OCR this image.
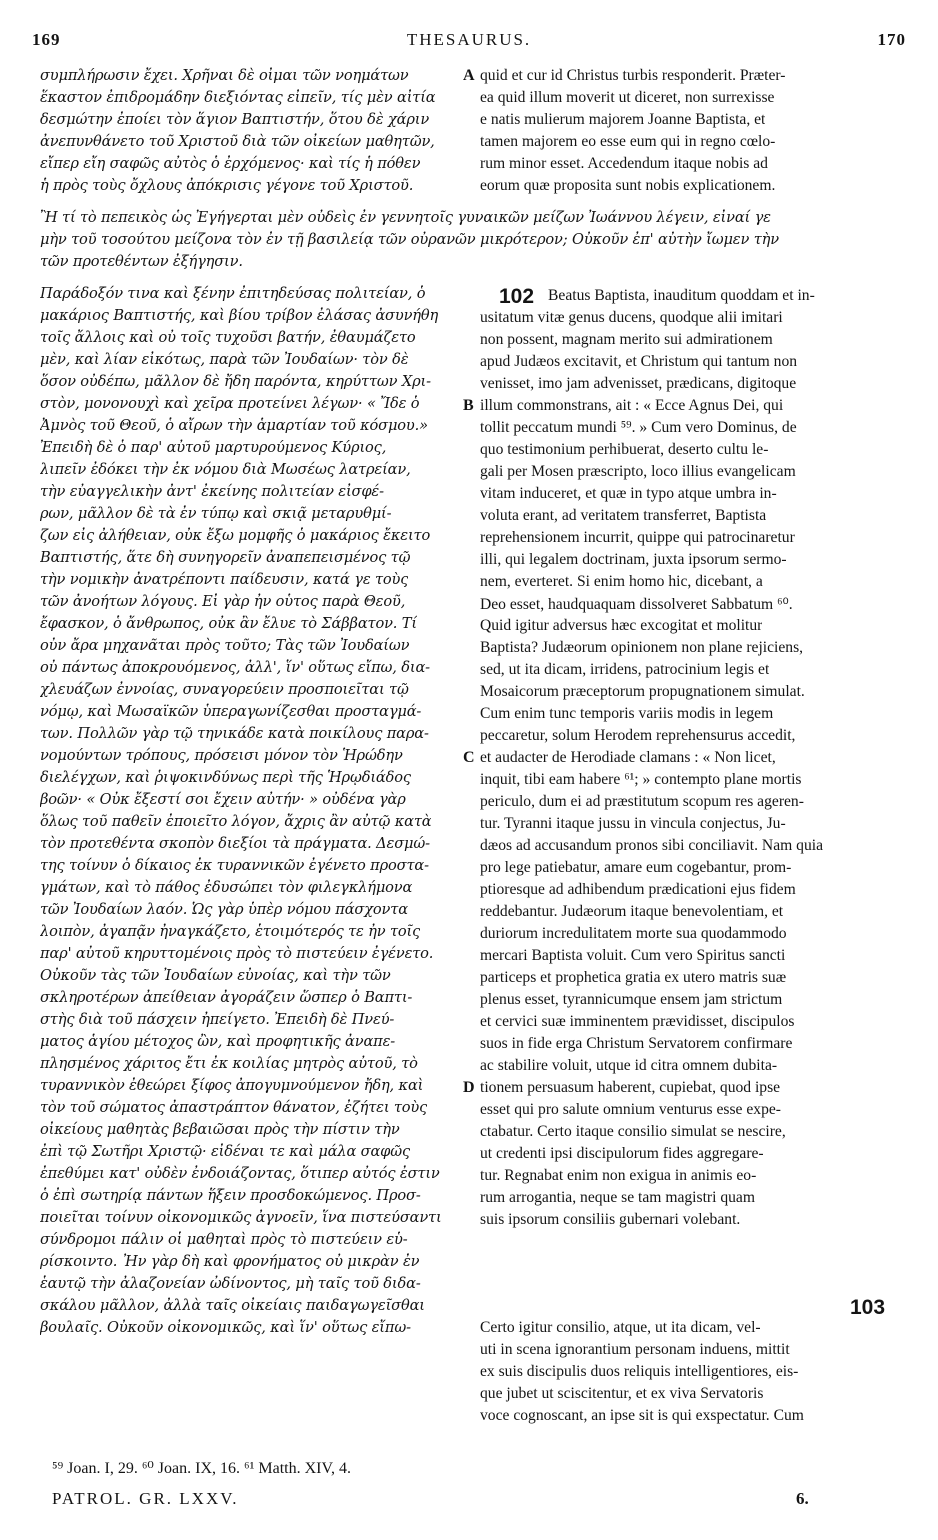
169	THESAURUS.	170
συμπλήρωσιν ἔχει. Χρῆναι δὲ οἶμαι τῶν νοημάτων
ἕκαστον ἐπιδρομάδην διεξιόντας εἰπεῖν, τίς μὲν αἰτία
δεσμώτην ἐποίει τὸν ἅγιον Βαπτιστήν, ὅτου δὲ χάριν
ἀνεπυνθάνετο τοῦ Χριστοῦ διὰ τῶν οἰκείων μαθητῶν,
εἴπερ εἴη σαφῶς αὐτὸς ὁ ἐρχόμενος· καὶ τίς ἡ πόθεν
ἡ πρὸς τοὺς ὄχλους ἀπόκρισις γέγονε τοῦ Χριστοῦ.
quid et cur id Christus turbis responderit. Præter-
ea quid illum moverit ut diceret, non surrexisse
e natis mulierum majorem Joanne Baptista, et
tamen majorem eo esse eum qui in regno cœlo-
rum minor esset. Accedendum itaque nobis ad
eorum quæ proposita sunt nobis explicationem.
Ἢ τί τὸ πεπεικὸς ὡς Ἐγήγερται μὲν οὐδεὶς ἐν γεννητοῖς γυναικῶν μείζων Ἰωάννου λέγειν, εἶναί γε
μὴν τοῦ τοσούτου μείζονα τὸν ἐν τῇ βασιλείᾳ τῶν οὐρανῶν μικρότερον; Οὐκοῦν ἐπ' αὐτὴν ἴωμεν τὴν
τῶν προτεθέντων ἐξήγησιν.
Παράδοξόν τινα καὶ ξένην ἐπιτηδεύσας πολιτείαν, ὁ
μακάριος Βαπτιστής, καὶ βίου τρίβον ἐλάσας ἀσυνήθη
τοῖς ἄλλοις καὶ οὐ τοῖς τυχοῦσι βατήν, ἐθαυμάζετο
μὲν, καὶ λίαν εἰκότως, παρὰ τῶν Ἰουδαίων· τὸν δὲ
ὅσον οὐδέπω, μᾶλλον δὲ ἤδη παρόντα, κηρύττων Χρι-
στὸν, μονονουχὶ καὶ χεῖρα προτείνει λέγων· « Ἴδε ὁ
Ἀμνὸς τοῦ Θεοῦ, ὁ αἴρων τὴν ἁμαρτίαν τοῦ κόσμου.»
Ἐπειδὴ δὲ ὁ παρ' αὐτοῦ μαρτυρούμενος Κύριος,
λιπεῖν ἐδόκει τὴν ἐκ νόμου διὰ Μωσέως λατρείαν,
τὴν εὐαγγελικὴν ἀντ' ἐκείνης πολιτείαν εἰσφέ-
ρων, μᾶλλον δὲ τὰ ἐν τύπῳ καὶ σκιᾷ μεταρυθμί-
ζων εἰς ἀλήθειαν, οὐκ ἔξω μομφῆς ὁ μακάριος ἔκειτο
Βαπτιστής, ἅτε δὴ συνηγορεῖν ἀναπεπεισμένος τῷ
τὴν νομικὴν ἀνατρέποντι παίδευσιν, κατά γε τοὺς
τῶν ἀνοήτων λόγους. Εἰ γὰρ ἦν οὗτος παρὰ Θεοῦ,
ἔφασκον, ὁ ἄνθρωπος, οὐκ ἂν ἔλυε τὸ Σάββατον. Τί
οὖν ἄρα μηχανᾶται πρὸς τοῦτο; Τὰς τῶν Ἰουδαίων
οὐ πάντως ἀποκρουόμενος, ἀλλ', ἵν' οὕτως εἴπω, δια-
χλευάζων ἐννοίας, συναγορεύειν προσποιεῖται τῷ
νόμῳ, καὶ Μωσαϊκῶν ὑπεραγωνίζεσθαι προσταγμά-
των. Πολλῶν γὰρ τῷ τηνικάδε κατὰ ποικίλους παρα-
νομούντων τρόπους, πρόσεισι μόνον τὸν Ἡρώδην
διελέγχων, καὶ ῥιψοκινδύνως περὶ τῆς Ἡρῳδιάδος
βοῶν· « Οὐκ ἔξεστί σοι ἔχειν αὐτήν· » οὐδένα γὰρ
ὅλως τοῦ παθεῖν ἐποιεῖτο λόγον, ἄχρις ἂν αὐτῷ κατὰ
τὸν προτεθέντα σκοπὸν διεξίοι τὰ πράγματα. Δεσμώ-
της τοίνυν ὁ δίκαιος ἐκ τυραννικῶν ἐγένετο προστα-
γμάτων, καὶ τὸ πάθος ἐδυσώπει τὸν φιλεγκλήμονα
τῶν Ἰουδαίων λαόν. Ὡς γὰρ ὑπὲρ νόμου πάσχοντα
λοιπὸν, ἀγαπᾷν ἠναγκάζετο, ἑτοιμότερός τε ἦν τοῖς
παρ' αὐτοῦ κηρυττομένοις πρὸς τὸ πιστεύειν ἐγένετο.
Οὐκοῦν τὰς τῶν Ἰουδαίων εὐνοίας, καὶ τὴν τῶν
σκληροτέρων ἀπείθειαν ἀγοράζειν ὥσπερ ὁ Βαπτι-
στὴς διὰ τοῦ πάσχειν ἠπείγετο. Ἐπειδὴ δὲ Πνεύ-
ματος ἁγίου μέτοχος ὢν, καὶ προφητικῆς ἀναπε-
πλησμένος χάριτος ἔτι ἐκ κοιλίας μητρὸς αὐτοῦ, τὸ
τυραννικὸν ἐθεώρει ξίφος ἀπογυμνούμενον ἤδη, καὶ
τὸν τοῦ σώματος ἀπαστράπτον θάνατον, ἐζήτει τοὺς
οἰκείους μαθητὰς βεβαιῶσαι πρὸς τὴν πίστιν τὴν
ἐπὶ τῷ Σωτῆρι Χριστῷ· εἰδέναι τε καὶ μάλα σαφῶς
ἐπεθύμει κατ' οὐδὲν ἐνδοιάζοντας, ὅτιπερ αὐτός ἐστιν
ὁ ἐπὶ σωτηρίᾳ πάντων ἥξειν προσδοκώμενος. Προσ-
ποιεῖται τοίνυν οἰκονομικῶς ἀγνοεῖν, ἵνα πιστεύσαντι
σύνδρομοι πάλιν οἱ μαθηταὶ πρὸς τὸ πιστεύειν εὑ-
ρίσκοιντο. Ἦν γὰρ δὴ καὶ φρονήματος οὐ μικρὰν ἐν
ἑαυτῷ τὴν ἀλαζονείαν ὠδίνοντος, μὴ ταῖς τοῦ διδα-
σκάλου μᾶλλον, ἀλλὰ ταῖς οἰκείαις παιδαγωγεῖσθαι
βουλαῖς. Οὐκοῦν οἰκονομικῶς, καὶ ἵν' οὕτως εἴπω-
102 Beatus Baptista, inauditum quoddam et in-
usitatum vitæ genus ducens, quodque alii imitari
non possent, magnam merito sui admirationem
apud Judæos excitavit, et Christum qui tantum non
venisset, imo jam advenisset, prædicans, digitoque
illum commonstrans, ait : « Ecce Agnus Dei, qui
tollit peccatum mundi ⁵⁹. » Cum vero Dominus, de
quo testimonium perhibuerat, deserto cultu le-
gali per Mosen præscripto, loco illius evangelicam
vitam induceret, et quæ in typo atque umbra in-
voluta erant, ad veritatem transferret, Baptista
reprehensionem incurrit, quippe qui patrocinaretur
illi, qui legalem doctrinam, juxta ipsorum sermo-
nem, everteret. Si enim homo hic, dicebant, a
Deo esset, haudquaquam dissolveret Sabbatum ⁶⁰.
Quid igitur adversus hæc excogitat et molitur
Baptista? Judæorum opinionem non plane rejiciens,
sed, ut ita dicam, irridens, patrocinium legis et
Mosaicorum præceptorum propugnationem simulat.
Cum enim tunc temporis variis modis in legem
peccaretur, solum Herodem reprehensurus accedit,
et audacter de Herodiade clamans : « Non licet,
inquit, tibi eam habere ⁶¹; » contempto plane mortis
periculo, dum ei ad præstitutum scopum res ageren-
tur. Tyranni itaque jussu in vincula conjectus, Ju-
dæos ad accusandum pronos sibi conciliavit. Nam quia
pro lege patiebatur, amare eum cogebantur, prom-
ptioresque ad adhibendum prædicationi ejus fidem
reddebantur. Judæorum itaque benevolentiam, et
duriorum incredulitatem morte sua quodammodo
mercari Baptista voluit. Cum vero Spiritus sancti
particeps et prophetica gratia ex utero matris suæ
plenus esset, tyrannicumque ensem jam strictum
et cervici suæ imminentem prævidisset, discipulos
suos in fide erga Christum Servatorem confirmare
ac stabilire voluit, utque id citra omnem dubita-
tionem persuasum haberent, cupiebat, quod ipse
esset qui pro salute omnium venturus esse expe-
ctabatur. Certo itaque consilio simulat se nescire,
ut credenti ipsi discipulorum fides aggregare-
tur. Regnabat enim non exigua in animis eo-
rum arrogantia, neque se tam magistri quam
suis ipsorum consiliis gubernari volebant.
103
Certo igitur consilio, atque, ut ita dicam, vel-
uti in scena ignorantium personam induens, mittit
ex suis discipulis duos reliquis intelligentiores, eis-
que jubet ut sciscitentur, et ex viva Servatoris
voce cognoscant, an ipse sit is qui exspectatur. Cum
A
B
C
D
⁵⁹ Joan. I, 29. ⁶⁰ Joan. IX, 16. ⁶¹ Matth. XIV, 4.
PATROL. GR. LXXV.	6.
